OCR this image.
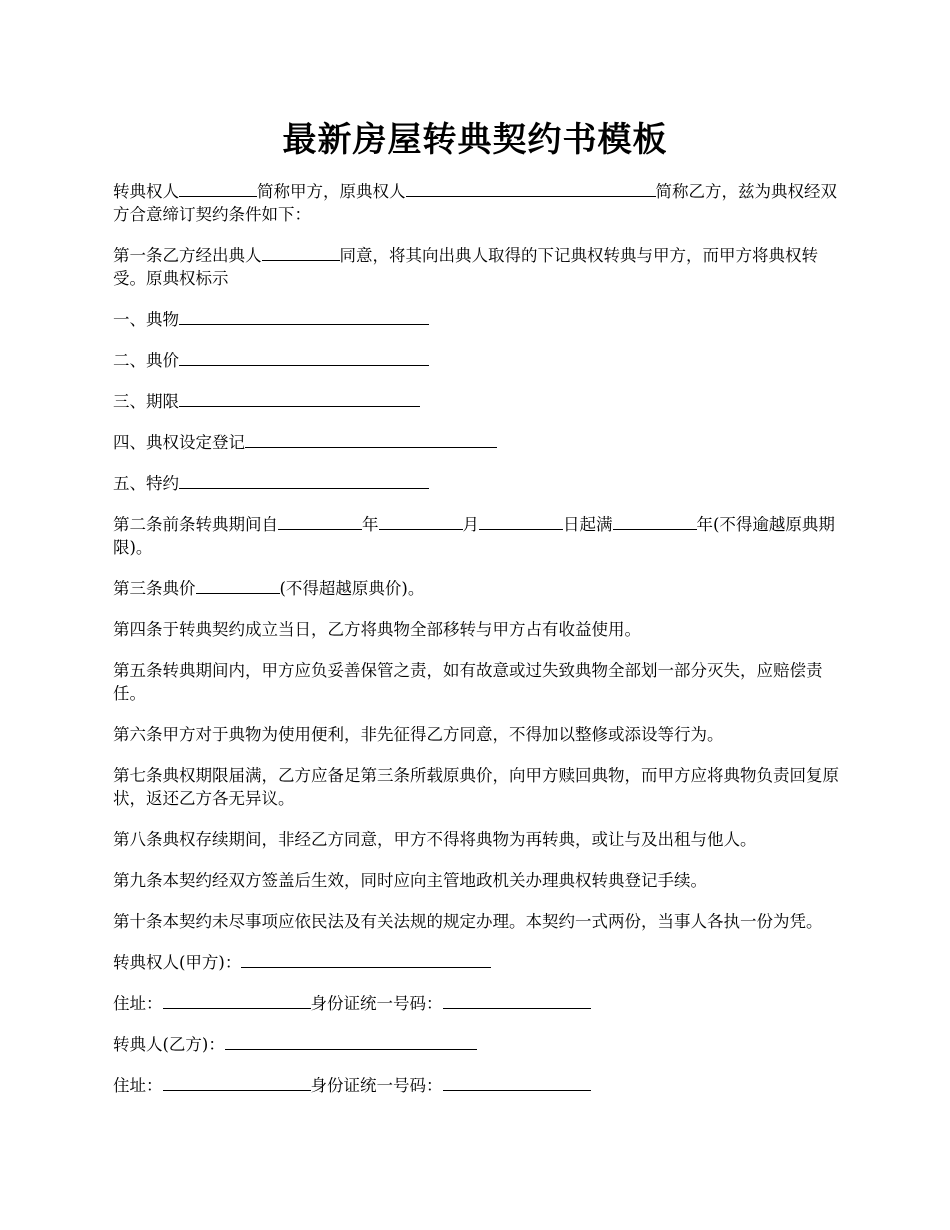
最新房屋转典契约书模板

转典权人	简称甲方，原典权人	简称乙方，兹为典权经双方合意缔订契约条件如下：

第一条乙方经出典人	同意，将其向出典人取得的下记典权转典与甲方，而甲方将典权转受。原典权标示

一、典物

二、典价

三、期限

四、典权设定登记

五、特约

第二条前条转典期间自	年	月	日起满	年(不得逾越原典期限)。

第三条典价	(不得超越原典价)。

第四条于转典契约成立当日，乙方将典物全部移转与甲方占有收益使用。

第五条转典期间内，甲方应负妥善保管之责，如有故意或过失致典物全部划一部分灭失，应赔偿责任。

第六条甲方对于典物为使用便利，非先征得乙方同意，不得加以整修或添设等行为。

第七条典权期限届满，乙方应备足第三条所载原典价，向甲方赎回典物，而甲方应将典物负责回复原状，返还乙方各无异议。

第八条典权存续期间，非经乙方同意，甲方不得将典物为再转典，或让与及出租与他人。

第九条本契约经双方签盖后生效，同时应向主管地政机关办理典权转典登记手续。

第十条本契约未尽事项应依民法及有关法规的规定办理。本契约一式两份，当事人各执一份为凭。

转典权人(甲方)：

住址：	身份证统一号码：

转典人(乙方)：

住址：	身份证统一号码：
